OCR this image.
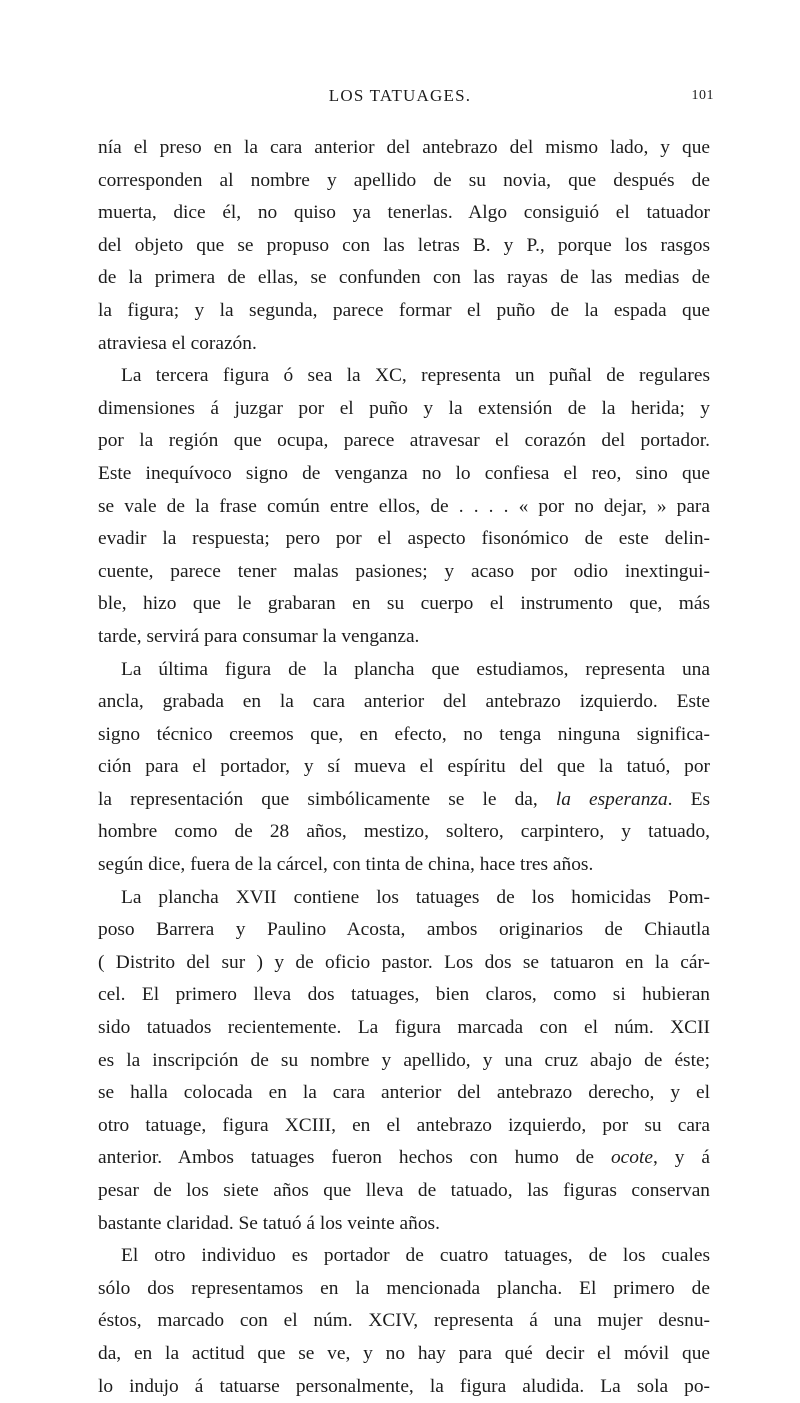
LOS TATUAGES.	101
nía el preso en la cara anterior del antebrazo del mismo lado, y que
corresponden al nombre y apellido de su novia, que después de
muerta, dice él, no quiso ya tenerlas. Algo consiguió el tatuador
del objeto que se propuso con las letras B. y P., porque los rasgos
de la primera de ellas, se confunden con las rayas de las medias de
la figura; y la segunda, parece formar el puño de la espada que
atraviesa el corazón.
La tercera figura ó sea la XC, representa un puñal de regulares
dimensiones á juzgar por el puño y la extensión de la herida; y
por la región que ocupa, parece atravesar el corazón del portador.
Este inequívoco signo de venganza no lo confiesa el reo, sino que
se vale de la frase común entre ellos, de . . . . « por no dejar, » para
evadir la respuesta; pero por el aspecto fisonómico de este delin-
cuente, parece tener malas pasiones; y acaso por odio inextingui-
ble, hizo que le grabaran en su cuerpo el instrumento que, más
tarde, servirá para consumar la venganza.
La última figura de la plancha que estudiamos, representa una
ancla, grabada en la cara anterior del antebrazo izquierdo. Este
signo técnico creemos que, en efecto, no tenga ninguna significa-
ción para el portador, y sí mueva el espíritu del que la tatuó, por
la representación que simbólicamente se le da, la esperanza. Es
hombre como de 28 años, mestizo, soltero, carpintero, y tatuado,
según dice, fuera de la cárcel, con tinta de china, hace tres años.
La plancha XVII contiene los tatuages de los homicidas Pom-
poso Barrera y Paulino Acosta, ambos originarios de Chiautla
( Distrito del sur ) y de oficio pastor. Los dos se tatuaron en la cár-
cel. El primero lleva dos tatuages, bien claros, como si hubieran
sido tatuados recientemente. La figura marcada con el núm. XCII
es la inscripción de su nombre y apellido, y una cruz abajo de éste;
se halla colocada en la cara anterior del antebrazo derecho, y el
otro tatuage, figura XCIII, en el antebrazo izquierdo, por su cara
anterior. Ambos tatuages fueron hechos con humo de ocote, y á
pesar de los siete años que lleva de tatuado, las figuras conservan
bastante claridad. Se tatuó á los veinte años.
El otro individuo es portador de cuatro tatuages, de los cuales
sólo dos representamos en la mencionada plancha. El primero de
éstos, marcado con el núm. XCIV, representa á una mujer desnu-
da, en la actitud que se ve, y no hay para qué decir el móvil que
lo indujo á tatuarse personalmente, la figura aludida. La sola po-
